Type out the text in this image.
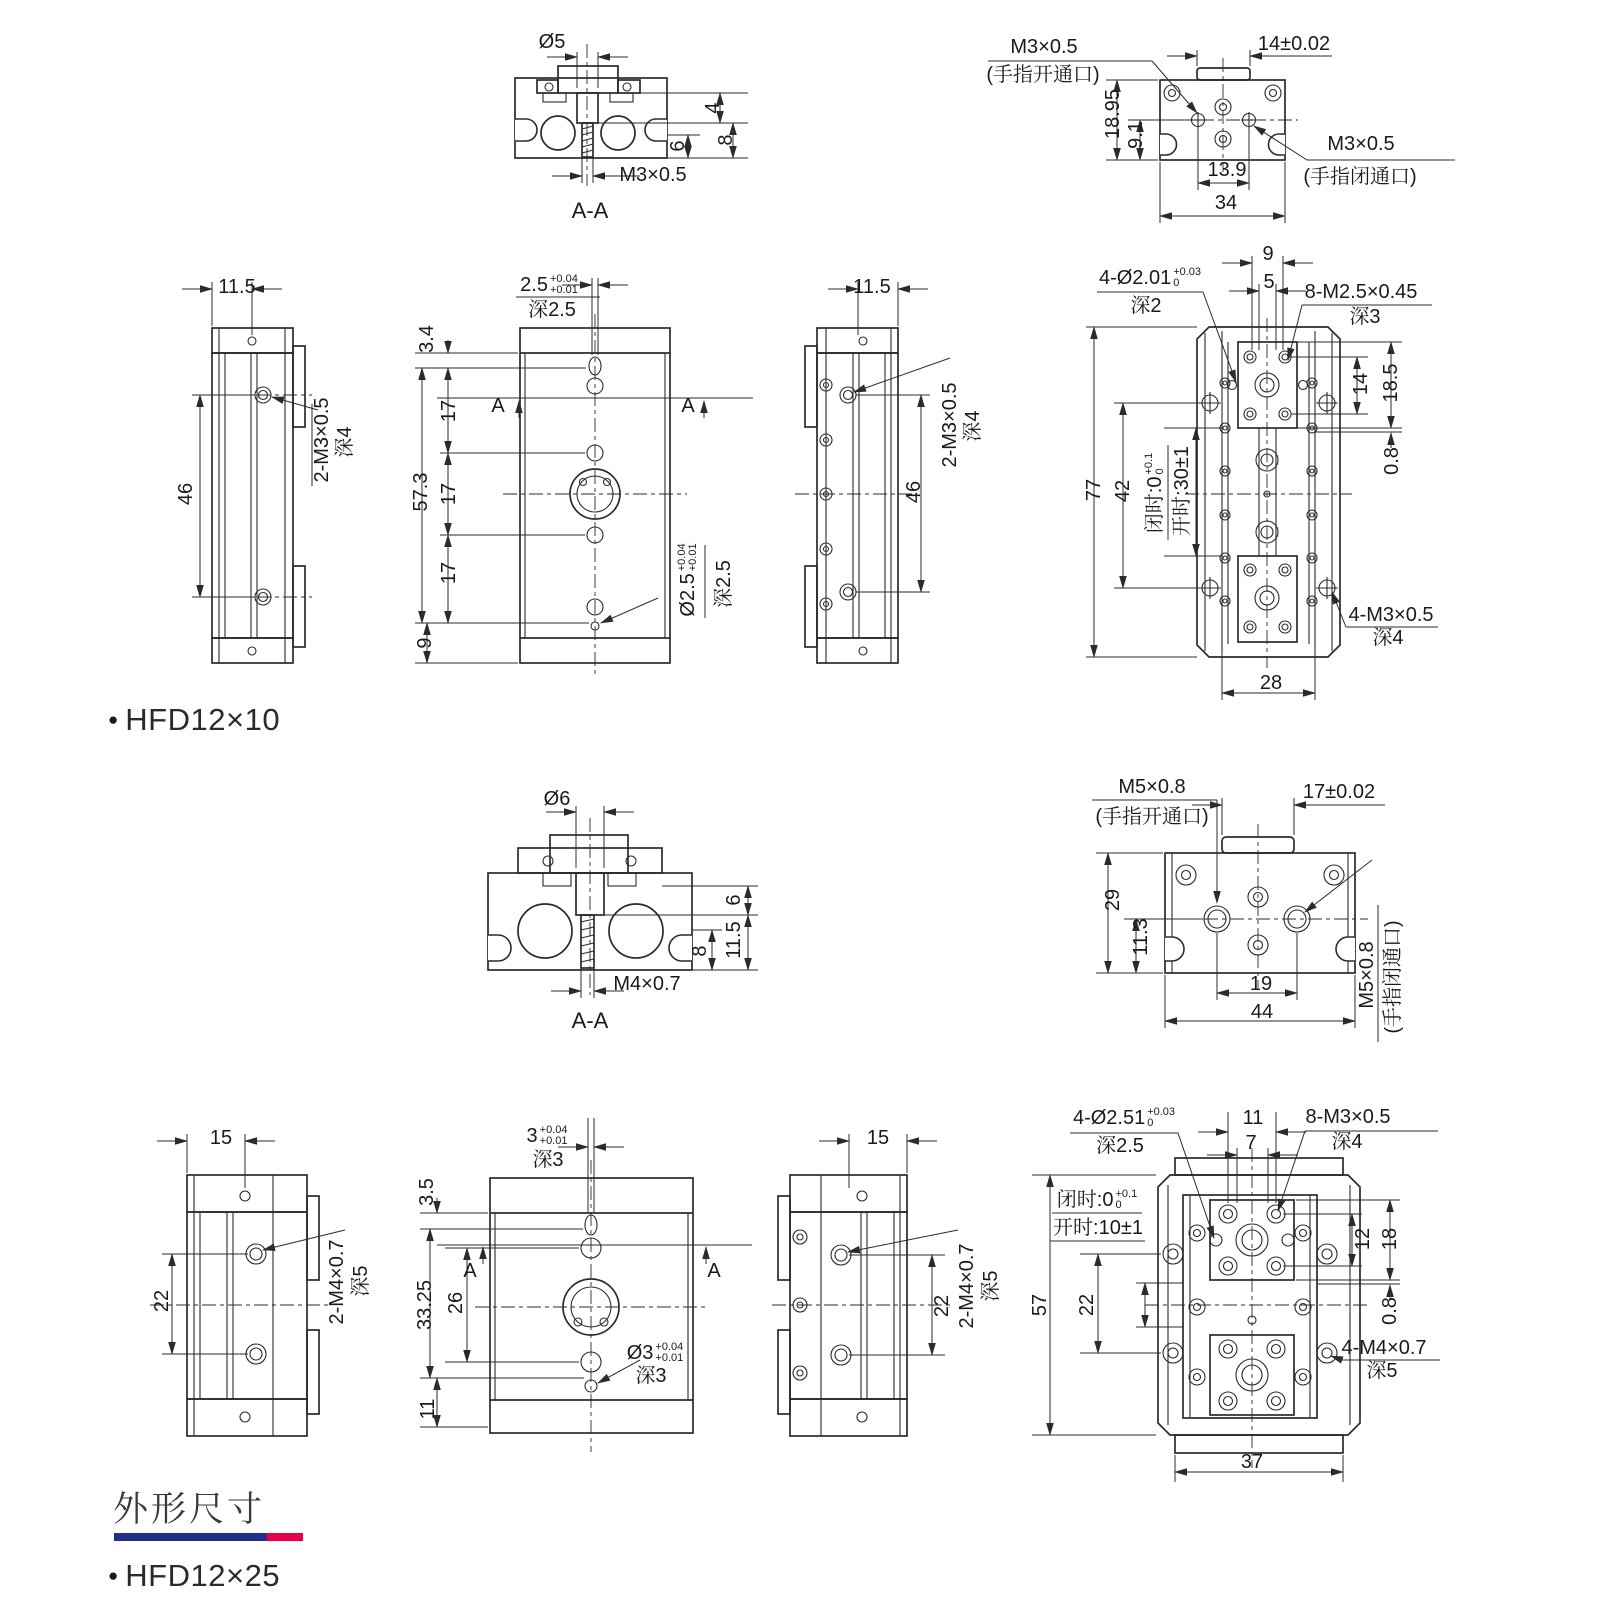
Ø5
4
6
8
M3×0.5
A-A
M3×0.5
(手指开通口)
14±0.02
18.95 9.1
13.9
34
M3×0.5
(手指闭通口)
11.5
46
2-M3×0.5 深4
2.5 +0.04
+0.01
深2.5
A	A
3.4
17
17
17
57.3
9
Ø2.5
+0.04 +0.01
深2.5
11.5
2-M3×0.5 深4
46
9
5
4-Ø2.01 +0.03
0
深2
8-M2.5×0.45
深3
14 18.5
0.8
77 42 闭时:0
+0.1 0 开时:30±1
4-M3×0.5
深4
28
● HFD12×10
Ø6
6
11.5
8
M4×0.7
A-A
M5×0.8
(手指开通口)
17±0.02
29
11.3
19
44
M5×0.8 (手指闭通口)
15
22	2-M4×0.7 深5
3 +0.04
+0.01
深3
A	A
3.5
33.25 26
11
Ø3 +0.04
+0.01
深3
15
22 2-M4×0.7 深5
4-Ø2.51 +0.03
0
深2.5
11
7
8-M3×0.5
深4
闭时:0 +0.1
0
开时:10±1	12 18
0.8
57 22
4-M4×0.7
深5
37
外形尺寸
● HFD12×25
